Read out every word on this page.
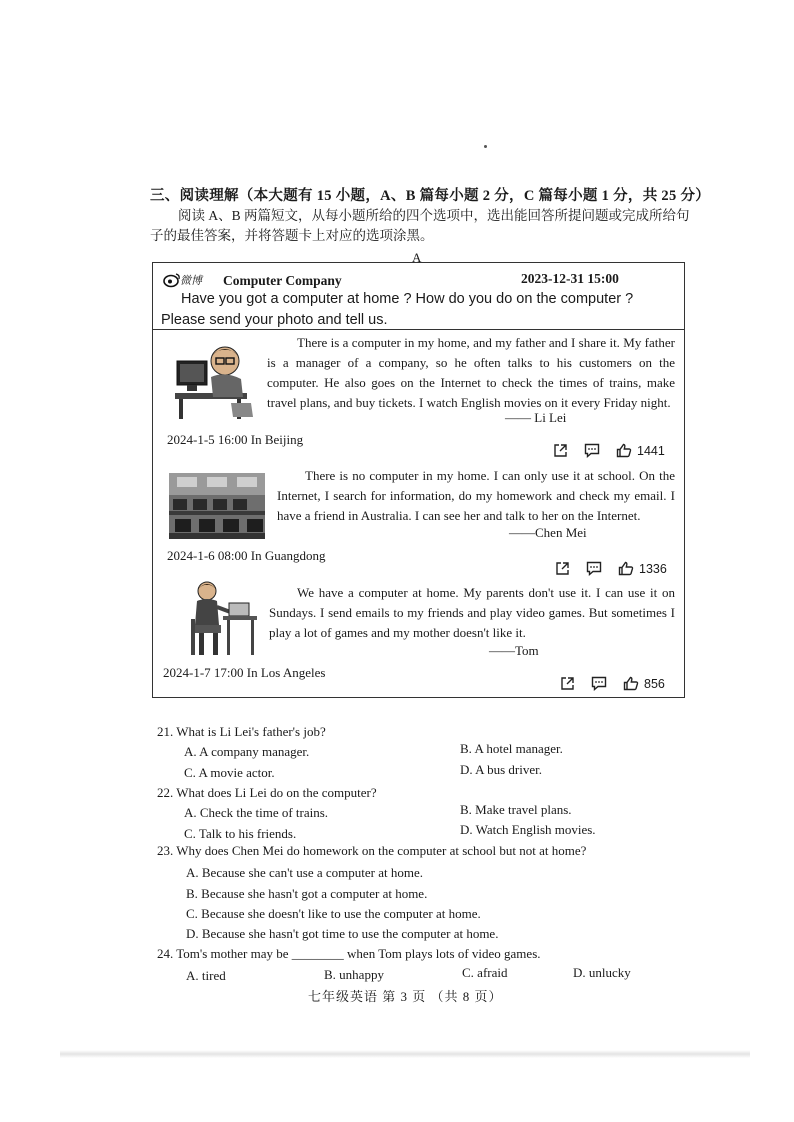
三、阅读理解（本大题有 15 小题，A、B 篇每小题 2 分，C 篇每小题 1 分，共 25 分）
阅读 A、B 两篇短文，从每小题所给的四个选项中，选出能回答所提问题或完成所给句子的最佳答案，并将答题卡上对应的选项涂黑。
A
微博 Computer Company	2023-12-31 15:00
Have you got a computer at home ? How do you do on the computer ? Please send your photo and tell us.
There is a computer in my home, and my father and I share it. My father is a manager of a company, so he often talks to his customers on the computer. He also goes on the Internet to check the times of trains, make travel plans, and buy tickets. I watch English movies on it every Friday night.
—— Li Lei
2024-1-5 16:00 In Beijing
1441
There is no computer in my home. I can only use it at school. On the Internet, I search for information, do my homework and check my email. I have a friend in Australia. I can see her and talk to her on the Internet.
——Chen Mei
2024-1-6 08:00 In Guangdong
1336
We have a computer at home. My parents don't use it. I can use it on Sundays. I send emails to my friends and play video games. But sometimes I play a lot of games and my mother doesn't like it.
——Tom
2024-1-7 17:00 In Los Angeles
856
21. What is Li Lei's father's job?
A. A company manager.	B. A hotel manager.
C. A movie actor.	D. A bus driver.
22. What does Li Lei do on the computer?
A. Check the time of trains.	B. Make travel plans.
C. Talk to his friends.	D. Watch English movies.
23. Why does Chen Mei do homework on the computer at school but not at home?
A. Because she can't use a computer at home.
B. Because she hasn't got a computer at home.
C. Because she doesn't like to use the computer at home.
D. Because she hasn't got time to use the computer at home.
24. Tom's mother may be ________ when Tom plays lots of video games.
A. tired	B. unhappy	C. afraid	D. unlucky
七年级英语 第 3 页 （共 8 页）
